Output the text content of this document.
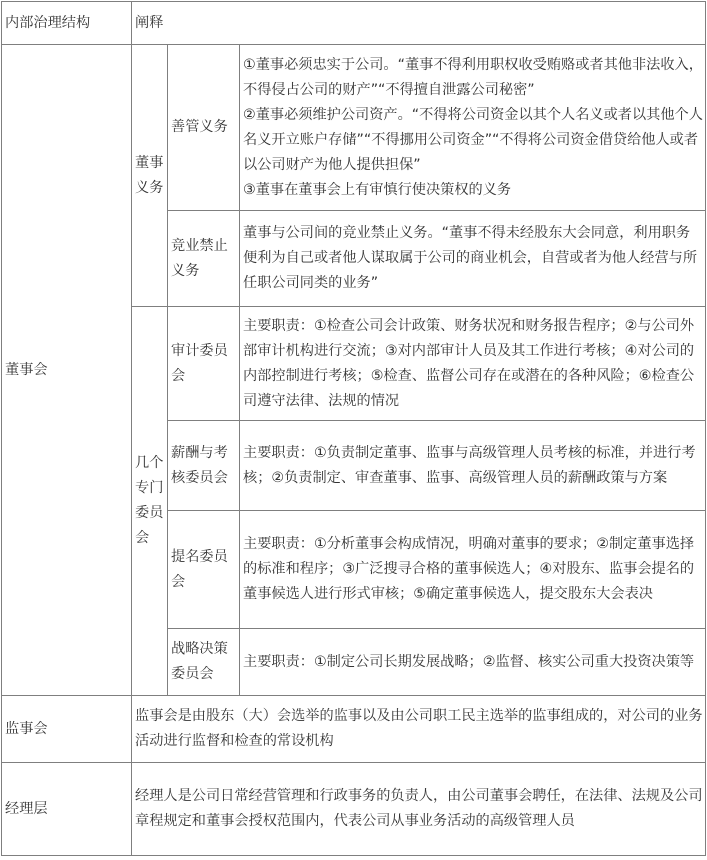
内部治理结构	阐释		
董事会	董事义务	善管义务	①董事必须忠实于公司。“董事不得利用职权收受贿赂或者其他非法收入，不得侵占公司的财产”“不得擅自泄露公司秘密”
②董事必须维护公司资产。“不得将公司资金以其个人名义或者以其他个人名义开立账户存储”“不得挪用公司资金”“不得将公司资金借贷给他人或者以公司财产为他人提供担保”
③董事在董事会上有审慎行使决策权的义务

		竞业禁止义务	董事与公司间的竞业禁止义务。“董事不得未经股东大会同意，利用职务便利为自己或者他人谋取属于公司的商业机会，自营或者为他人经营与所任职公司同类的业务”
	几个专门委员会	审计委员会	主要职责：①检查公司会计政策、财务状况和财务报告程序；②与公司外部审计机构进行交流；③对内部审计人员及其工作进行考核；④对公司的内部控制进行考核；⑤检查、监督公司存在或潜在的各种风险；⑥检查公司遵守法律、法规的情况
		薪酬与考核委员会	主要职责：①负责制定董事、监事与高级管理人员考核的标准，并进行考核；②负责制定、审查董事、监事、高级管理人员的薪酬政策与方案
		提名委员会	主要职责：①分析董事会构成情况，明确对董事的要求；②制定董事选择的标准和程序；③广泛搜寻合格的董事候选人；④对股东、监事会提名的董事候选人进行形式审核；⑤确定董事候选人，提交股东大会表决
		战略决策委员会	主要职责：①制定公司长期发展战略；②监督、核实公司重大投资决策等
监事会	监事会是由股东（大）会选举的监事以及由公司职工民主选举的监事组成的，对公司的业务活动进行监督和检查的常设机构		
经理层	经理人是公司日常经营管理和行政事务的负责人，由公司董事会聘任，在法律、法规及公司章程规定和董事会授权范围内，代表公司从事业务活动的高级管理人员		
